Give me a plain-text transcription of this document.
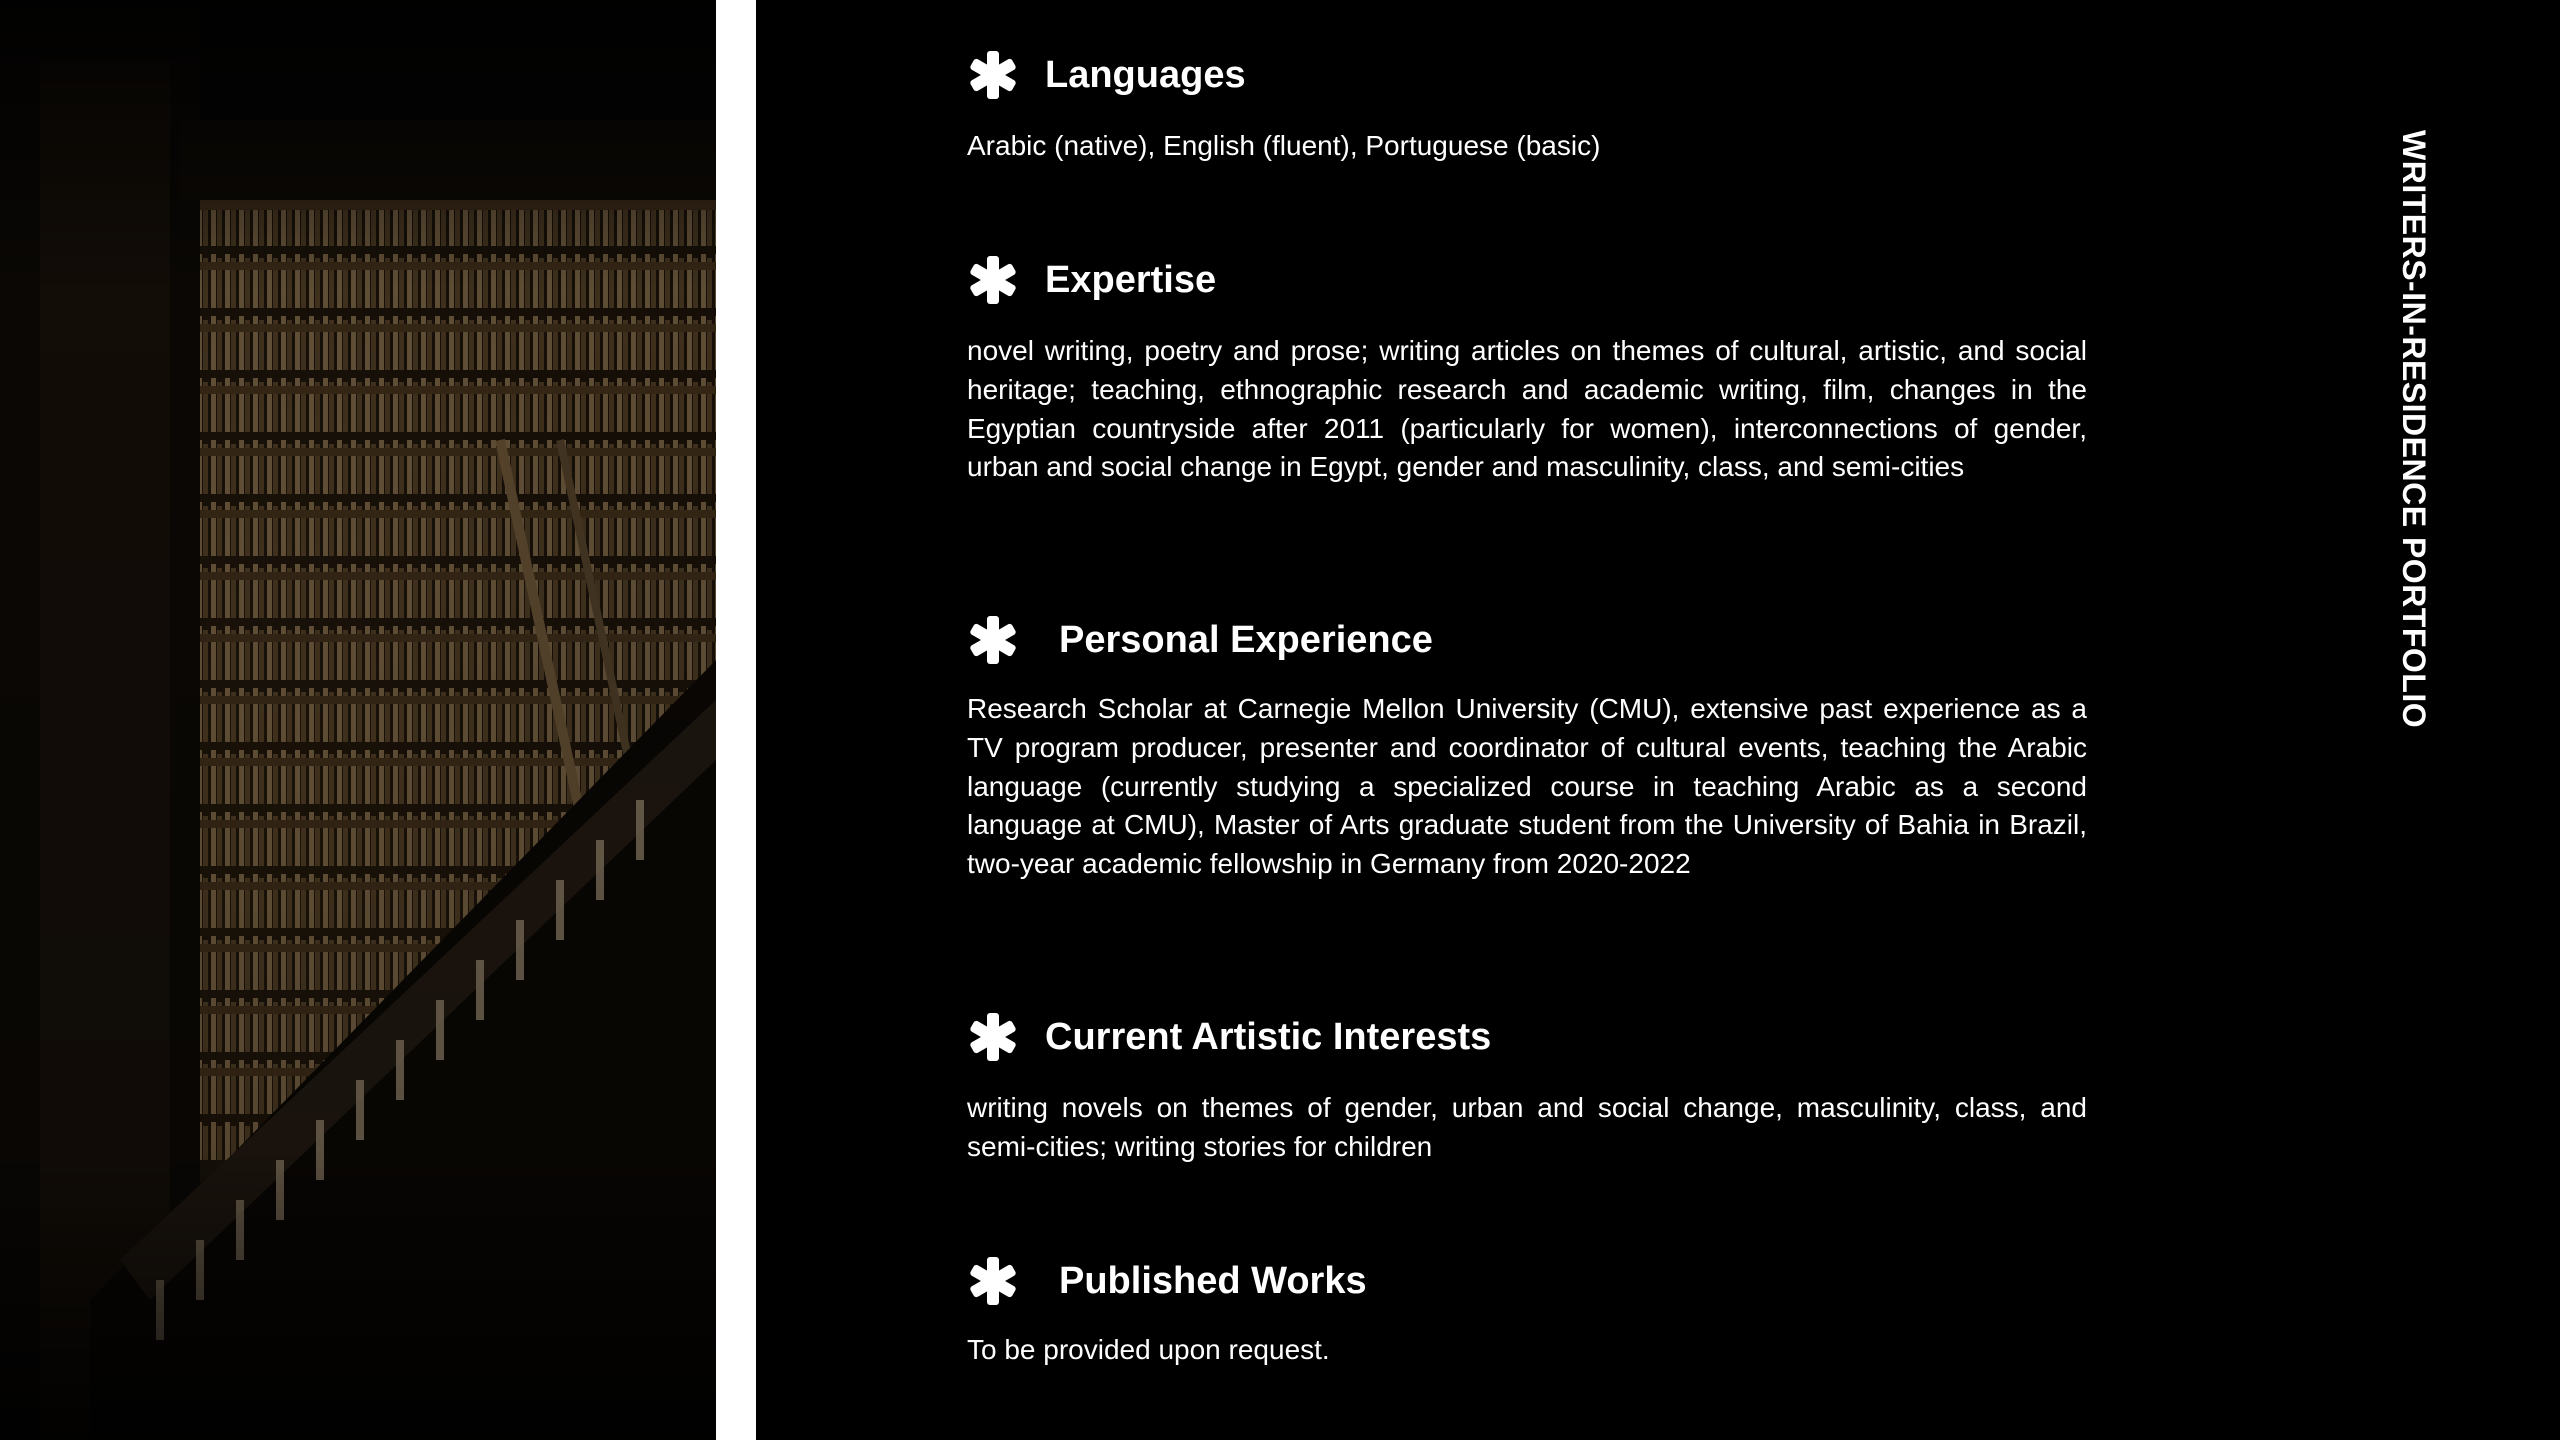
Languages
Arabic (native), English (fluent), Portuguese (basic)
Expertise
novel writing, poetry and prose; writing articles on themes of cultural, artistic, and social heritage; teaching, ethnographic research and academic writing, film, changes in the Egyptian countryside after 2011 (particularly for women), interconnections of gender, urban and social change in Egypt, gender and masculinity, class, and semi-cities
Personal Experience
Research Scholar at Carnegie Mellon University (CMU), extensive past experience as a TV program producer, presenter and coordinator of cultural events, teaching the Arabic language (currently studying a specialized course in teaching Arabic as a second language at CMU), Master of Arts graduate student from the University of Bahia in Brazil, two-year academic fellowship in Germany from 2020-2022
Current Artistic Interests
writing novels on themes of gender, urban and social change, masculinity, class, and semi-cities; writing stories for children
Published Works
To be provided upon request.
WRITERS-IN-RESIDENCE PORTFOLIO
